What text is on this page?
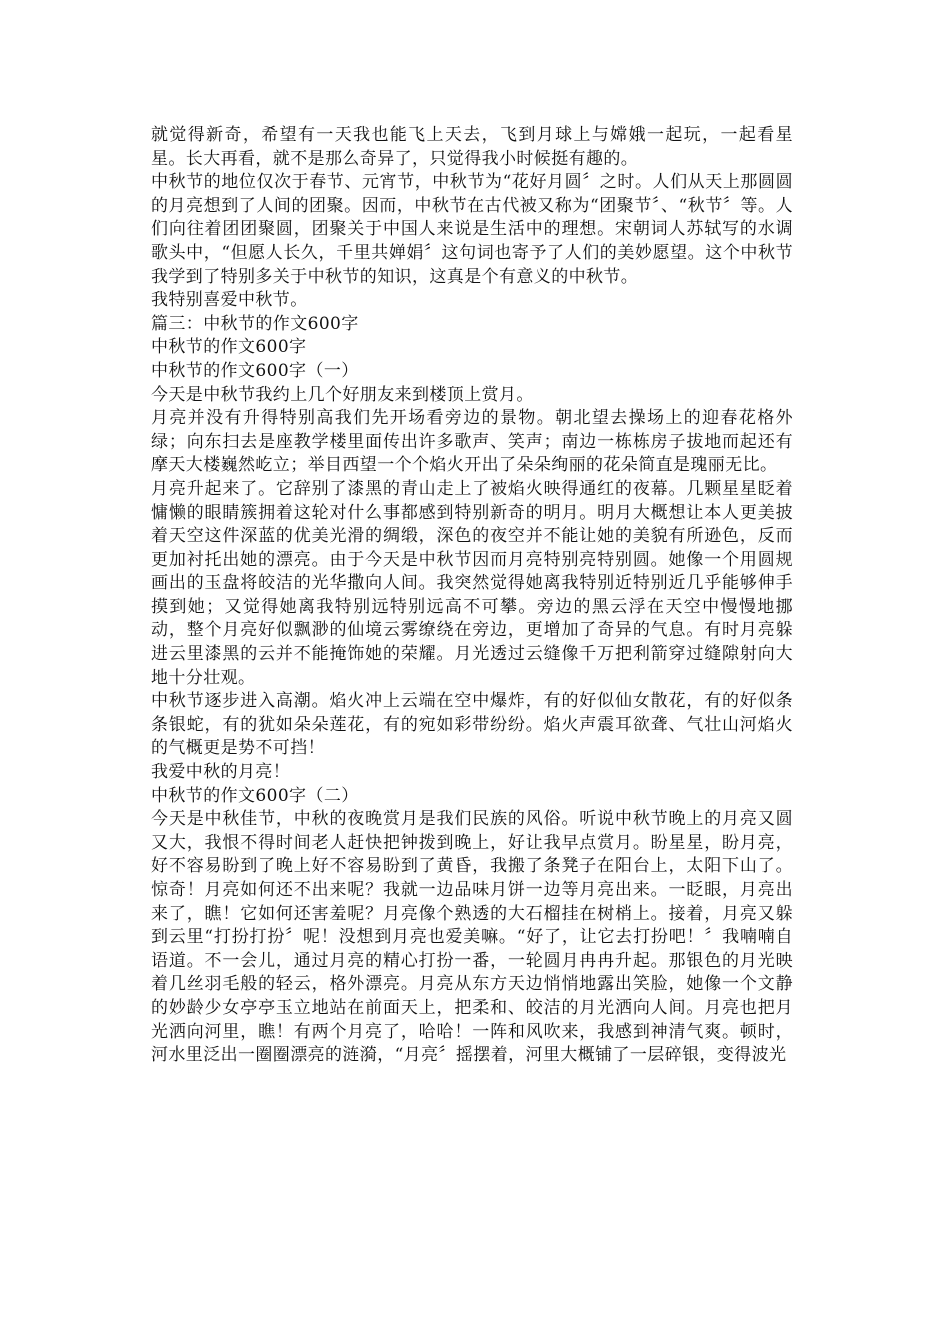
就觉得新奇，希望有一天我也能飞上天去，飞到月球上与嫦娥一起玩，一起看星星。长大再看，就不是那么奇异了，只觉得我小时候挺有趣的。

中秋节的地位仅次于春节、元宵节，中秋节为“花好月圆〞之时。人们从天上那圆圆的月亮想到了人间的团聚。因而，中秋节在古代被又称为“团聚节〞、“秋节〞等。人们向往着团团聚圆，团聚关于中国人来说是生活中的理想。宋朝词人苏轼写的水调歌头中，“但愿人长久，千里共婵娟〞这句词也寄予了人们的美妙愿望。这个中秋节我学到了特别多关于中秋节的知识，这真是个有意义的中秋节。

我特别喜爱中秋节。

篇三：中秋节的作文600字

中秋节的作文600字

中秋节的作文600字（一）

今天是中秋节我约上几个好朋友来到楼顶上赏月。

月亮并没有升得特别高我们先开场看旁边的景物。朝北望去操场上的迎春花格外绿；向东扫去是座教学楼里面传出许多歌声、笑声；南边一栋栋房子拔地而起还有摩天大楼巍然屹立；举目西望一个个焰火开出了朵朵绚丽的花朵简直是瑰丽无比。

月亮升起来了。它辞别了漆黑的青山走上了被焰火映得通红的夜幕。几颗星星眨着慵懒的眼睛簇拥着这轮对什么事都感到特别新奇的明月。明月大概想让本人更美披着天空这件深蓝的优美光滑的绸缎，深色的夜空并不能让她的美貌有所逊色，反而更加衬托出她的漂亮。由于今天是中秋节因而月亮特别亮特别圆。她像一个用圆规画出的玉盘将皎洁的光华撒向人间。我突然觉得她离我特别近特别近几乎能够伸手摸到她；又觉得她离我特别远特别远高不可攀。旁边的黑云浮在天空中慢慢地挪动，整个月亮好似飘渺的仙境云雾缭绕在旁边，更增加了奇异的气息。有时月亮躲进云里漆黑的云并不能掩饰她的荣耀。月光透过云缝像千万把利箭穿过缝隙射向大地十分壮观。

中秋节逐步进入高潮。焰火冲上云端在空中爆炸，有的好似仙女散花，有的好似条条银蛇，有的犹如朵朵莲花，有的宛如彩带纷纷。焰火声震耳欲聋、气壮山河焰火的气概更是势不可挡！

我爱中秋的月亮！

中秋节的作文600字（二）

今天是中秋佳节，中秋的夜晚赏月是我们民族的风俗。听说中秋节晚上的月亮又圆又大，我恨不得时间老人赶快把钟拨到晚上，好让我早点赏月。盼星星，盼月亮，好不容易盼到了晚上好不容易盼到了黄昏，我搬了条凳子在阳台上，太阳下山了。惊奇！月亮如何还不出来呢？我就一边品味月饼一边等月亮出来。一眨眼，月亮出来了，瞧！它如何还害羞呢？月亮像个熟透的大石榴挂在树梢上。接着，月亮又躲到云里“打扮打扮〞呢！没想到月亮也爱美嘛。“好了，让它去打扮吧！〞我喃喃自语道。不一会儿，通过月亮的精心打扮一番，一轮圆月冉冉升起。那银色的月光映着几丝羽毛般的轻云，格外漂亮。月亮从东方天边悄悄地露出笑脸，她像一个文静的妙龄少女亭亭玉立地站在前面天上，把柔和、皎洁的月光洒向人间。月亮也把月光洒向河里，瞧！有两个月亮了，哈哈！一阵和风吹来，我感到神清气爽。顿时，河水里泛出一圈圈漂亮的涟漪，“月亮〞摇摆着，河里大概铺了一层碎银，变得波光
